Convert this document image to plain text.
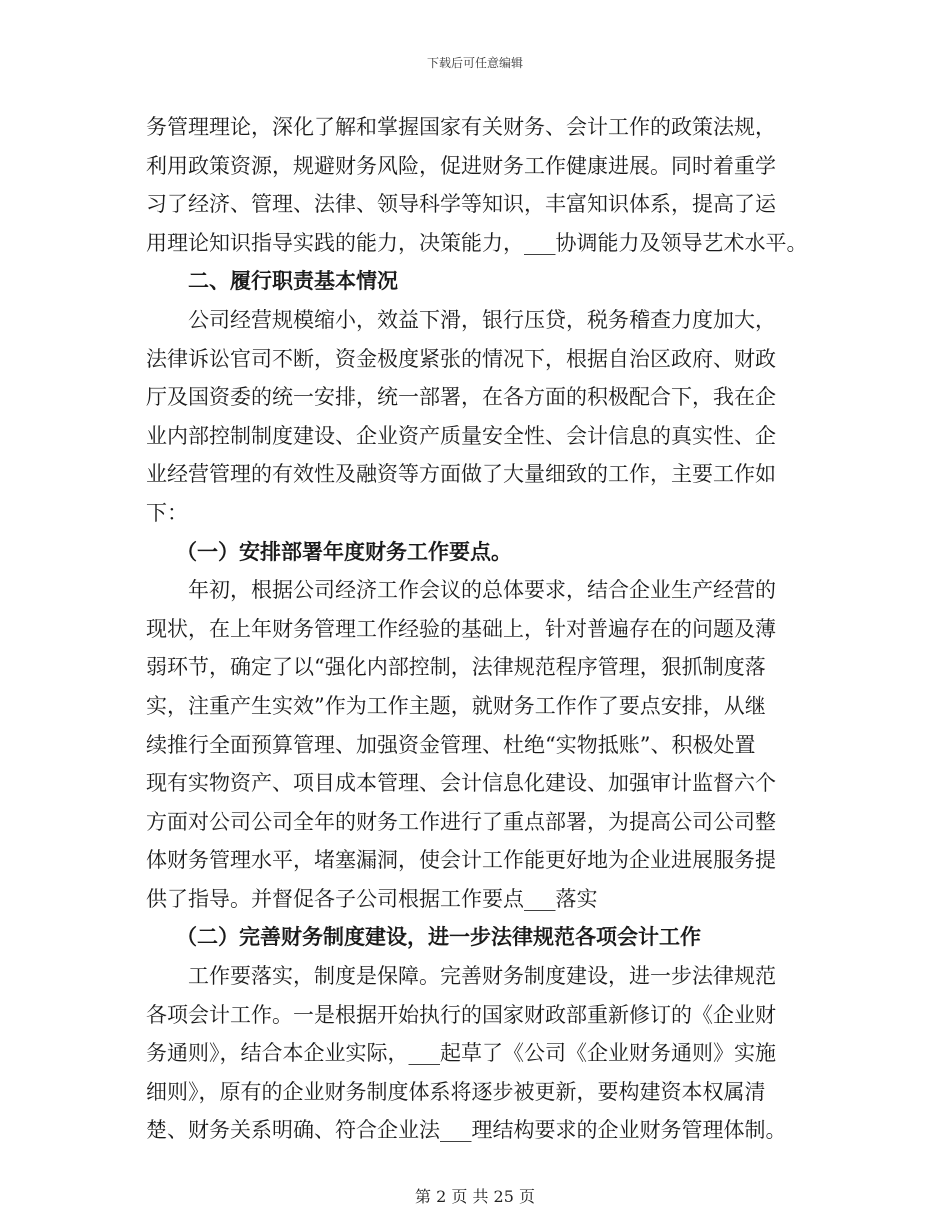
下载后可任意编辑
务管理理论，深化了解和掌握国家有关财务、会计工作的政策法规，
利用政策资源，规避财务风险，促进财务工作健康进展。同时着重学
习了经济、管理、法律、领导科学等知识，丰富知识体系，提高了运
用理论知识指导实践的能力，决策能力，___协调能力及领导艺术水平。
二、履行职责基本情况
公司经营规模缩小，效益下滑，银行压贷，税务稽查力度加大，
法律诉讼官司不断，资金极度紧张的情况下，根据自治区政府、财政
厅及国资委的统一安排，统一部署，在各方面的积极配合下，我在企
业内部控制制度建设、企业资产质量安全性、会计信息的真实性、企
业经营管理的有效性及融资等方面做了大量细致的工作，主要工作如
下：
（一）安排部署年度财务工作要点。
年初，根据公司经济工作会议的总体要求，结合企业生产经营的
现状，在上年财务管理工作经验的基础上，针对普遍存在的问题及薄
弱环节，确定了以“强化内部控制，法律规范程序管理，狠抓制度落
实，注重产生实效”作为工作主题，就财务工作作了要点安排，从继
续推行全面预算管理、加强资金管理、杜绝“实物抵账”、积极处置
现有实物资产、项目成本管理、会计信息化建设、加强审计监督六个
方面对公司公司全年的财务工作进行了重点部署，为提高公司公司整
体财务管理水平，堵塞漏洞，使会计工作能更好地为企业进展服务提
供了指导。并督促各子公司根据工作要点___落实
（二）完善财务制度建设，进一步法律规范各项会计工作
工作要落实，制度是保障。完善财务制度建设，进一步法律规范
各项会计工作。一是根据开始执行的国家财政部重新修订的《企业财
务通则》，结合本企业实际，___起草了《公司《企业财务通则》实施
细则》，原有的企业财务制度体系将逐步被更新，要构建资本权属清
楚、财务关系明确、符合企业法___理结构要求的企业财务管理体制。
第 2 页 共 25 页
